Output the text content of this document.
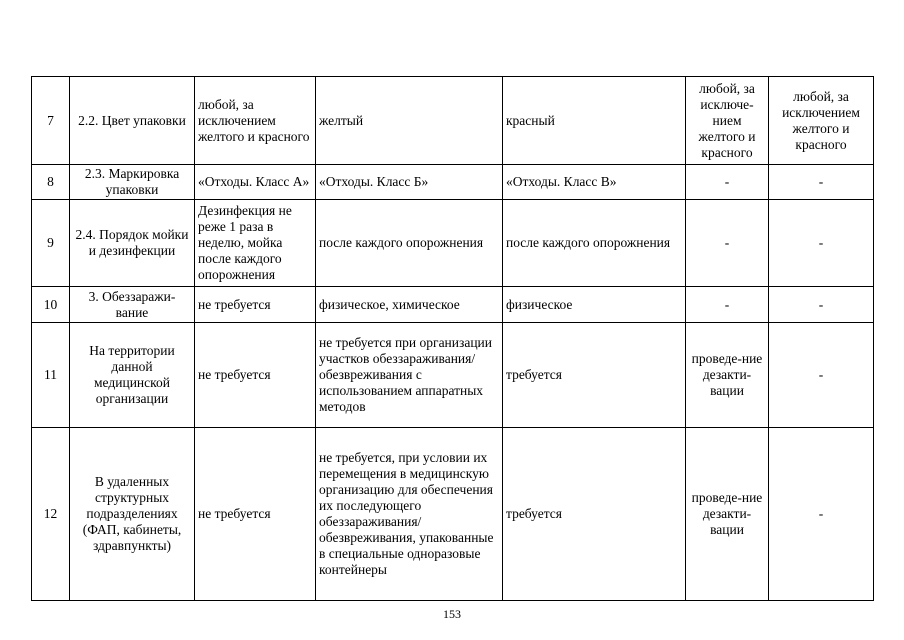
7	2.2. Цвет упаковки	любой, за исключением желтого и красного	желтый	красный	любой, за исключе-нием желтого и красного	любой, за исключением желтого и красного
8	2.3. Маркировка упаковки	«Отходы. Класс А»	«Отходы. Класс Б»	«Отходы. Класс В»	-	-
9	2.4. Порядок мойки и дезинфекции	Дезинфекция не реже 1 раза в неделю, мойка после каждого опорожнения	после каждого опорожнения	после каждого опорожнения	-	-
10	3. Обеззаражи-вание	не требуется	физическое, химическое	физическое	-	-
11	На территории данной медицинской организации	не требуется	не требуется при организации участков обеззараживания/ обезвреживания с использованием аппаратных методов	требуется	проведе-ние дезакти-вации	-
12	В удаленных структурных подразделениях (ФАП, кабинеты, здравпункты)	не требуется	не требуется, при условии их перемещения в медицинскую организацию для обеспечения их последующего обеззараживания/ обезвреживания, упакованные в специальные одноразовые контейнеры	требуется	проведе-ние дезакти-вации	-
153
